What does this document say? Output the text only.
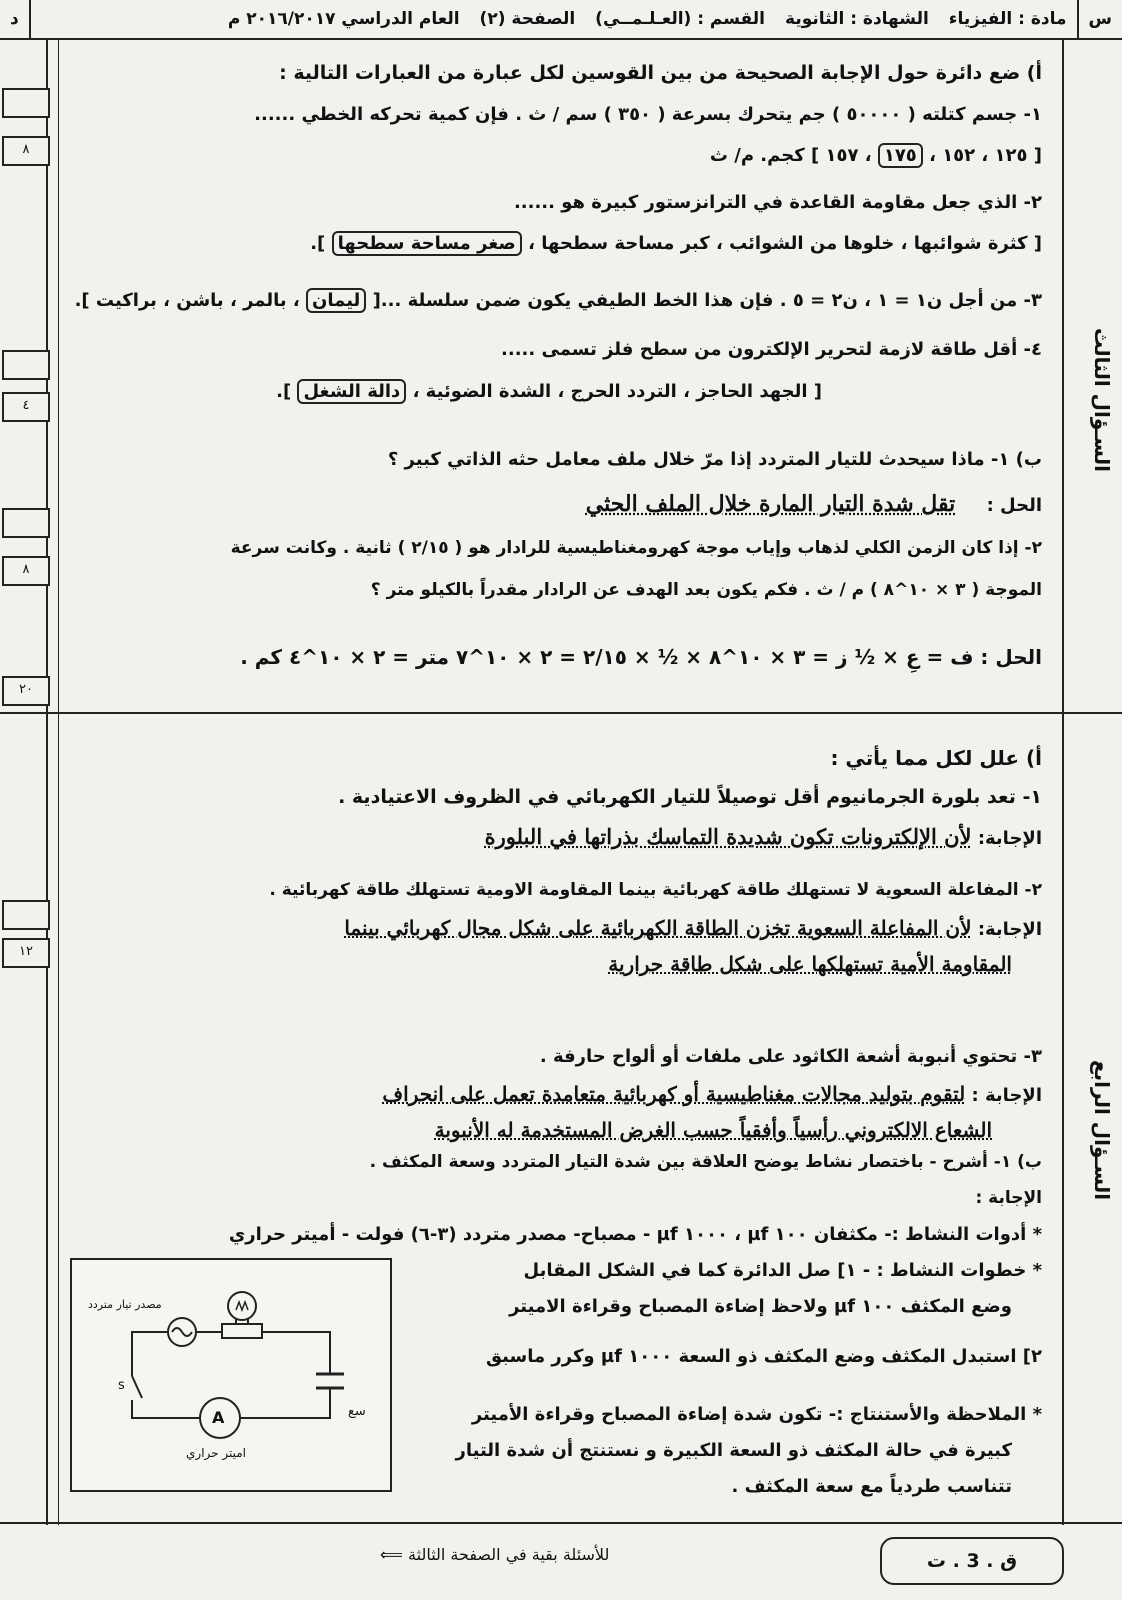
س
مادة : الفيزياء
الشهادة : الثانوية
القسم : (العـلـمــي)
الصفحة (٢)
العام الدراسي ٢٠١٦/٢٠١٧ م
د
السـؤال الثالث
السـؤال الرابع
٨
٤
٨
٢٠
١٢
أ) ضع دائرة حول الإجابة الصحيحة من بين القوسين لكل عبارة من العبارات التالية :
١- جسم كتلته ( ٥٠٠٠٠ ) جم يتحرك بسرعة ( ٣٥٠ ) سم / ث . فإن كمية تحركه الخطي ......
[ ١٢٥ ، ١٥٢ ، ١٧٥ ، ١٥٧ ] كجم. م/ ث
٢- الذي جعل مقاومة القاعدة في الترانزستور كبيرة هو ......
[ كثرة شوائبها ، خلوها من الشوائب ، كبر مساحة سطحها ، صغر مساحة سطحها ].
٣- من أجل ن١ = ١ ، ن٢ = ٥ . فإن هذا الخط الطيفي يكون ضمن سلسلة ...[ ليمان ، بالمر ، باشن ، براكيت ].
٤- أقل طاقة لازمة لتحرير الإلكترون من سطح فلز تسمى .....
[ الجهد الحاجز ، التردد الحرج ، الشدة الضوئية ، دالة الشغل ].
ب) ١- ماذا سيحدث للتيار المتردد إذا مرّ خلال ملف معامل حثه الذاتي كبير ؟
الحل :     تقل شدة التيار المارة خلال الملف الحثي
٢- إذا كان الزمن الكلي لذهاب وإياب موجة كهرومغناطيسية للرادار هو ( ٢/١٥ ) ثانية . وكانت سرعة
الموجة ( ٣ × ١٠^٨ ) م / ث . فكم يكون بعد الهدف عن الرادار مقدراً بالكيلو متر ؟
الحل : ف = عِ × ½ ز = ٣ × ١٠^٨ × ½ × ٢/١٥ = ٢ × ١٠^٧ متر = ٢ × ١٠^٤ كم .
أ) علل لكل مما يأتي :
١- تعد بلورة الجرمانيوم أقل توصيلاً للتيار الكهربائي في الظروف الاعتيادية .
الإجابة: لأن الإلكترونات تكون شديدة التماسك بذراتها في البلورة
٢- المفاعلة السعوية لا تستهلك طاقة كهربائية بينما المقاومة الاومية تستهلك طاقة كهربائية .
الإجابة: لأن المفاعلة السعوية تخزن الطاقة الكهربائية على شكل مجال كهربائي بينما
المقاومة الأمية تستهلكها على شكل طاقة حرارية
٣- تحتوي أنبوبة أشعة الكاثود على ملفات أو ألواح حارفة .
الإجابة : لتقوم بتوليد مجالات مغناطيسية أو كهربائية متعامدة تعمل على انحراف
الشعاع الالكتروني رأسياً وأفقياً حسب الغرض المستخدمة له الأنبوبة
ب) ١- أشرح - باختصار نشاط يوضح العلاقة بين شدة التيار المتردد وسعة المكثف .
الإجابة :
* أدوات النشاط :- مكثفان ١٠٠ µf ، ١٠٠٠ µf - مصباح- مصدر متردد (٣-٦) فولت - أميتر حراري
* خطوات النشاط : - ١] صل الدائرة كما في الشكل المقابل
وضع المكثف ١٠٠ µf ولاحظ إضاءة المصباح وقراءة الاميتر
٢] استبدل المكثف وضع المكثف ذو السعة ١٠٠٠ µf وكرر ماسبق
* الملاحظة والأستنتاج :- تكون شدة إضاءة المصباح وقراءة الأميتر
كبيرة في حالة المكثف ذو السعة الكبيرة و نستنتج أن شدة التيار
تتناسب طردياً مع سعة المكثف .
مصدر تيار متردد
s
سع
A
اميتر حراري
للأسئلة بقية في الصفحة الثالثة ⟸	ق . 3 . ت
